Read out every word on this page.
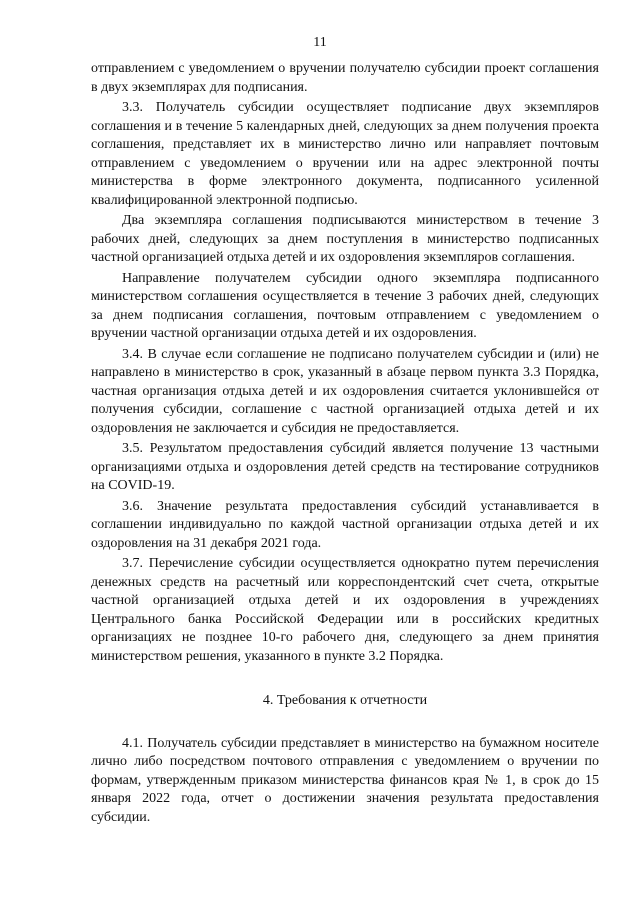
11

отправлением с уведомлением о вручении получателю субсидии проект соглашения в двух экземплярах для подписания.

3.3. Получатель субсидии осуществляет подписание двух экземпляров соглашения и в течение 5 календарных дней, следующих за днем получения проекта соглашения, представляет их в министерство лично или направляет почтовым отправлением с уведомлением о вручении или на адрес электронной почты министерства в форме электронного документа, подписанного усиленной квалифицированной электронной подписью.

Два экземпляра соглашения подписываются министерством в течение 3 рабочих дней, следующих за днем поступления в министерство подписанных частной организацией отдыха детей и их оздоровления экземпляров соглашения.

Направление получателем субсидии одного экземпляра подписанного министерством соглашения осуществляется в течение 3 рабочих дней, следующих за днем подписания соглашения, почтовым отправлением с уведомлением о вручении частной организации отдыха детей и их оздоровления.

3.4. В случае если соглашение не подписано получателем субсидии и (или) не направлено в министерство в срок, указанный в абзаце первом пункта 3.3 Порядка, частная организация отдыха детей и их оздоровления считается уклонившейся от получения субсидии, соглашение с частной организацией отдыха детей и их оздоровления не заключается и субсидия не предоставляется.

3.5. Результатом предоставления субсидий является получение 13 частными организациями отдыха и оздоровления детей средств на тестирование сотрудников на COVID-19.

3.6. Значение результата предоставления субсидий устанавливается в соглашении индивидуально по каждой частной организации отдыха детей и их оздоровления на 31 декабря 2021 года.

3.7. Перечисление субсидии осуществляется однократно путем перечисления денежных средств на расчетный или корреспондентский счет счета, открытые частной организацией отдыха детей и их оздоровления в учреждениях Центрального банка Российской Федерации или в российских кредитных организациях не позднее 10-го рабочего дня, следующего за днем принятия министерством решения, указанного в пункте 3.2 Порядка.

4. Требования к отчетности

4.1. Получатель субсидии представляет в министерство на бумажном носителе лично либо посредством почтового отправления с уведомлением о вручении по формам, утвержденным приказом министерства финансов края № 1, в срок до 15 января 2022 года, отчет о достижении значения результата предоставления субсидии.
